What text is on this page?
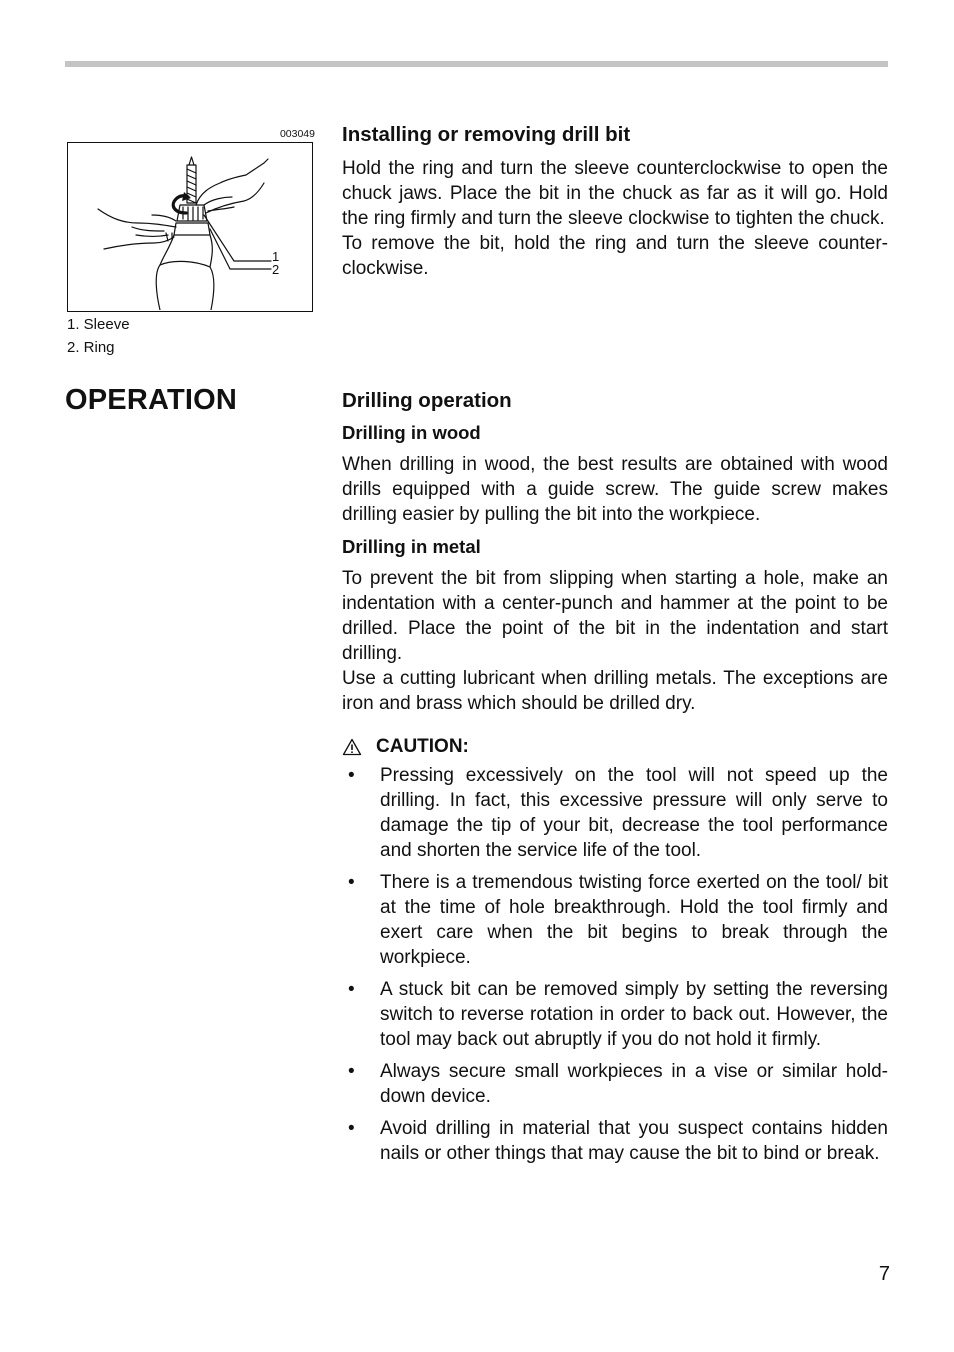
003049
1
2
1. Sleeve
2. Ring
Installing or removing drill bit
Hold the ring and turn the sleeve counterclockwise to open the chuck jaws. Place the bit in the chuck as far as it will go. Hold the ring firmly and turn the sleeve clockwise to tighten the chuck.
To remove the bit, hold the ring and turn the sleeve counter-
clockwise.
OPERATION	Drilling operation
Drilling in wood
When drilling in wood, the best results are obtained with wood drills equipped with a guide screw. The guide screw makes drilling easier by pulling the bit into the workpiece.
Drilling in metal
To prevent the bit from slipping when starting a hole, make an indentation with a center-punch and hammer at the point to be drilled. Place the point of the bit in the indentation and start drilling.
Use a cutting lubricant when drilling metals. The exceptions are iron and brass which should be drilled dry.
CAUTION:
• Pressing excessively on the tool will not speed up the drilling. In fact, this excessive pressure will only serve to damage the tip of your bit, decrease the tool performance and shorten the service life of the tool.
• There is a tremendous twisting force exerted on the tool/ bit at the time of hole breakthrough. Hold the tool firmly and exert care when the bit begins to break through the workpiece.
• A stuck bit can be removed simply by setting the reversing switch to reverse rotation in order to back out. However, the tool may back out abruptly if you do not hold it firmly.
• Always secure small workpieces in a vise or similar hold-down device.
• Avoid drilling in material that you suspect contains hidden nails or other things that may cause the bit to bind or break.
7
